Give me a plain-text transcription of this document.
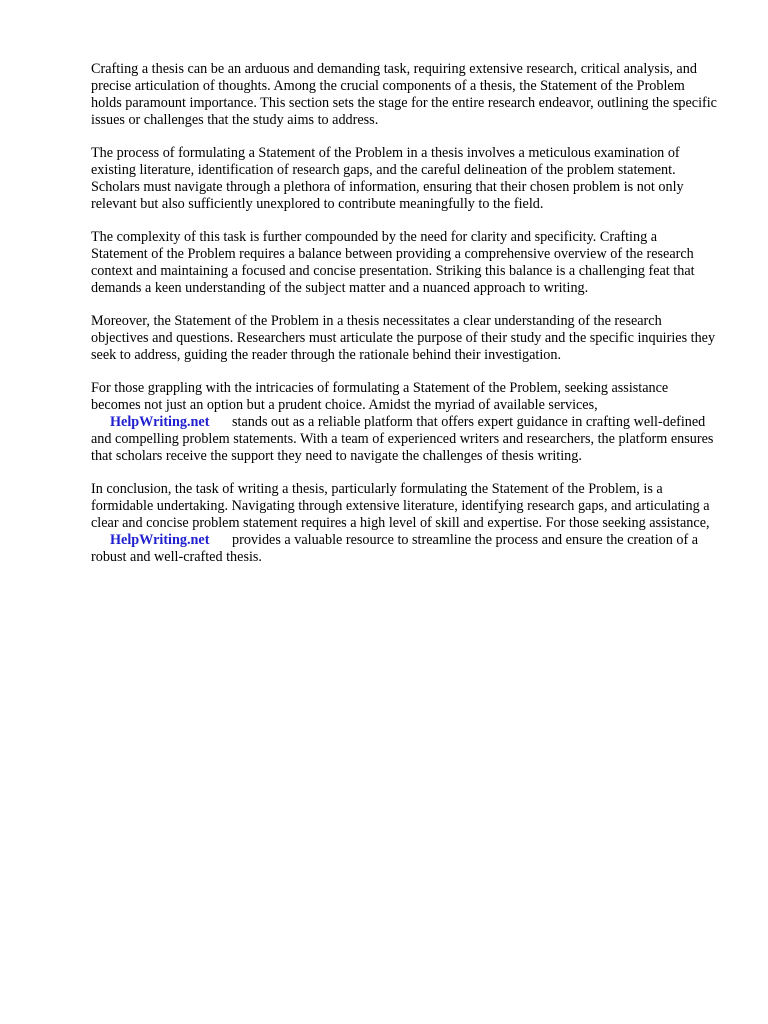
Crafting a thesis can be an arduous and demanding task, requiring extensive research, critical analysis, and precise articulation of thoughts. Among the crucial components of a thesis, the Statement of the Problem holds paramount importance. This section sets the stage for the entire research endeavor, outlining the specific issues or challenges that the study aims to address.

The process of formulating a Statement of the Problem in a thesis involves a meticulous examination of existing literature, identification of research gaps, and the careful delineation of the problem statement. Scholars must navigate through a plethora of information, ensuring that their chosen problem is not only relevant but also sufficiently unexplored to contribute meaningfully to the field.

The complexity of this task is further compounded by the need for clarity and specificity. Crafting a Statement of the Problem requires a balance between providing a comprehensive overview of the research context and maintaining a focused and concise presentation. Striking this balance is a challenging feat that demands a keen understanding of the subject matter and a nuanced approach to writing.

Moreover, the Statement of the Problem in a thesis necessitates a clear understanding of the research objectives and questions. Researchers must articulate the purpose of their study and the specific inquiries they seek to address, guiding the reader through the rationale behind their investigation.

For those grappling with the intricacies of formulating a Statement of the Problem, seeking assistance becomes not just an option but a prudent choice. Amidst the myriad of available services, HelpWriting.net stands out as a reliable platform that offers expert guidance in crafting well-defined and compelling problem statements. With a team of experienced writers and researchers, the platform ensures that scholars receive the support they need to navigate the challenges of thesis writing.

In conclusion, the task of writing a thesis, particularly formulating the Statement of the Problem, is a formidable undertaking. Navigating through extensive literature, identifying research gaps, and articulating a clear and concise problem statement requires a high level of skill and expertise. For those seeking assistance, HelpWriting.net provides a valuable resource to streamline the process and ensure the creation of a robust and well-crafted thesis.
